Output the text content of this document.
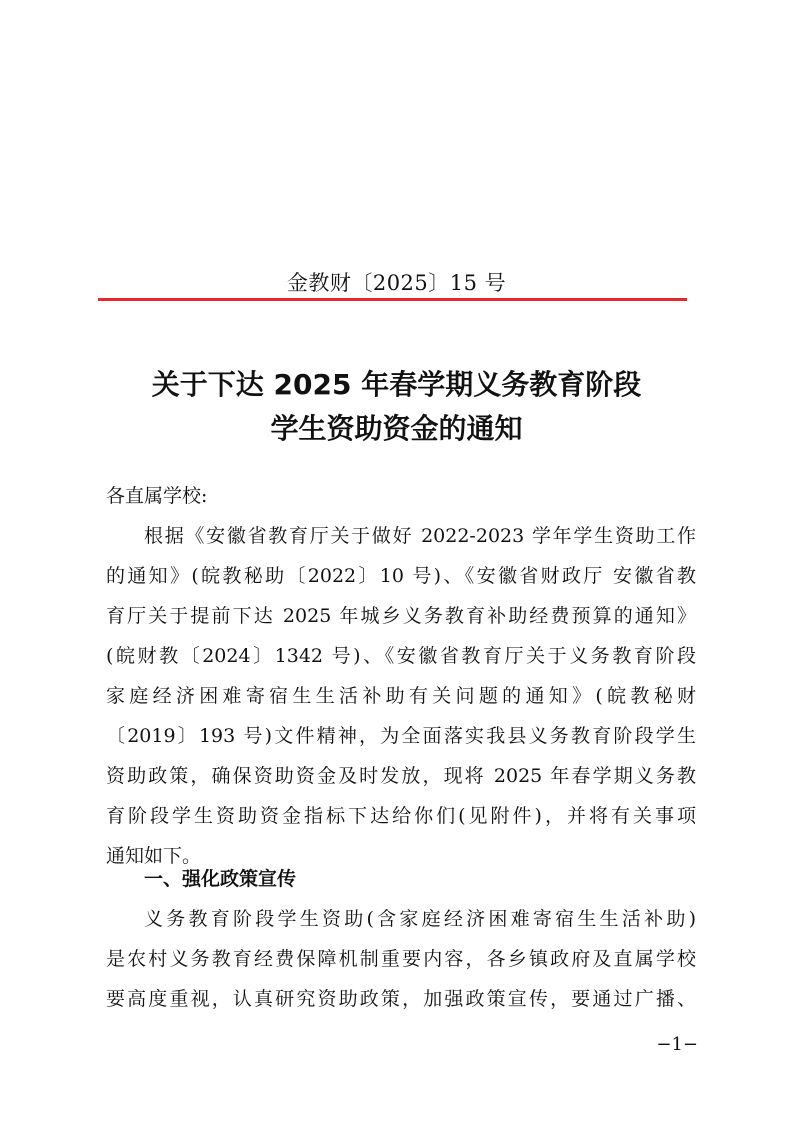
金教财〔2025〕15 号
关于下达 2025 年春学期义务教育阶段
学生资助资金的通知
各直属学校:
根据《安徽省教育厅关于做好 2022-2023 学年学生资助工作
的通知》(皖教秘助〔2022〕10 号)、《安徽省财政厅 安徽省教
育厅关于提前下达 2025 年城乡义务教育补助经费预算的通知》
(皖财教〔2024〕1342 号)、《安徽省教育厅关于义务教育阶段
家庭经济困难寄宿生生活补助有关问题的通知》(皖教秘财
〔2019〕193 号)文件精神，为全面落实我县义务教育阶段学生
资助政策，确保资助资金及时发放，现将 2025 年春学期义务教
育阶段学生资助资金指标下达给你们(见附件)，并将有关事项
通知如下。
一、强化政策宣传
义务教育阶段学生资助(含家庭经济困难寄宿生生活补助)
是农村义务教育经费保障机制重要内容，各乡镇政府及直属学校
要高度重视，认真研究资助政策，加强政策宣传，要通过广播、
−1−
